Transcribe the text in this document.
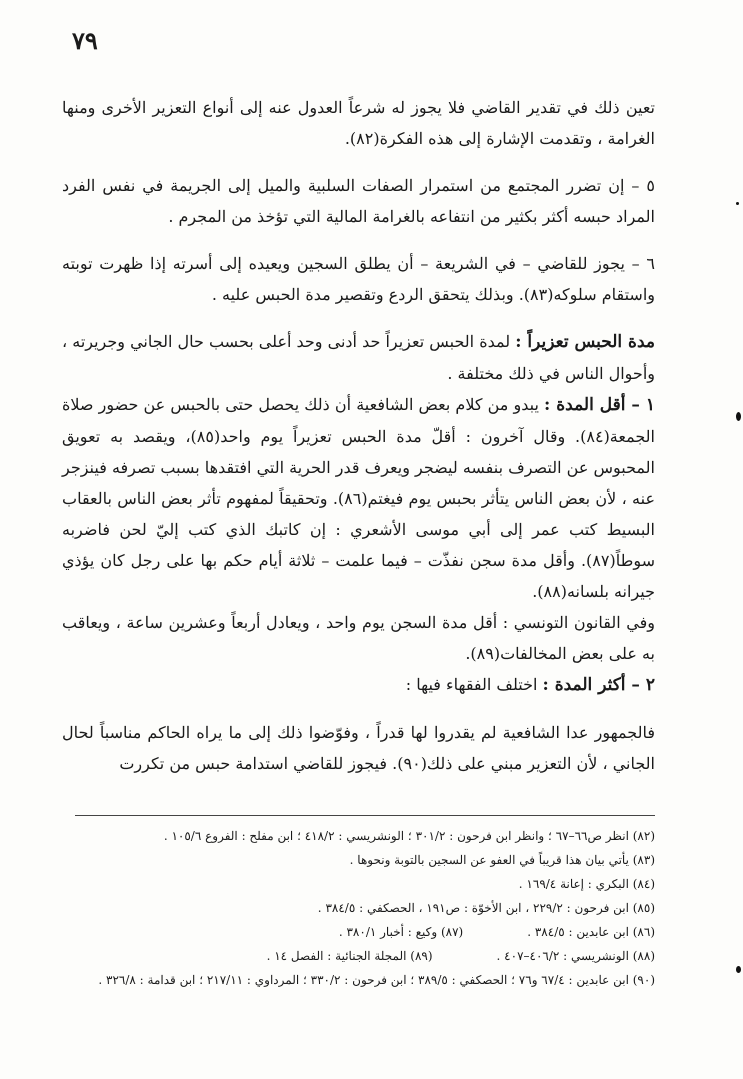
٧٩

تعين ذلك في تقدير القاضي فلا يجوز له شرعاً العدول عنه إلى أنواع التعزير الأخرى ومنها الغرامة ، وتقدمت الإشارة إلى هذه الفكرة(٨٢).

٥ – إن تضرر المجتمع من استمرار الصفات السلبية والميل إلى الجريمة في نفس الفرد المراد حبسه أكثر بكثير من انتفاعه بالغرامة المالية التي تؤخذ من المجرم .

٦ – يجوز للقاضي – في الشريعة – أن يطلق السجين ويعيده إلى أسرته إذا ظهرت توبته واستقام سلوكه(٨٣). وبذلك يتحقق الردع وتقصير مدة الحبس عليه .

مدة الحبس تعزيراً : لمدة الحبس تعزيراً حد أدنى وحد أعلى بحسب حال الجاني وجريرته ، وأحوال الناس في ذلك مختلفة .

١ – أقل المدة : يبدو من كلام بعض الشافعية أن ذلك يحصل حتى بالحبس عن حضور صلاة الجمعة(٨٤). وقال آخرون : أقلّ مدة الحبس تعزيراً يوم واحد(٨٥)، ويقصد به تعويق المحبوس عن التصرف بنفسه ليضجر ويعرف قدر الحرية التي افتقدها بسبب تصرفه فينزجر عنه ، لأن بعض الناس يتأثر بحبس يوم فيغتم(٨٦). وتحقيقاً لمفهوم تأثر بعض الناس بالعقاب البسيط كتب عمر إلى أبي موسى الأشعري : إن كاتبك الذي كتب إليّ لحن فاضربه سوطاً(٨٧). وأقل مدة سجن نفذّت – فيما علمت – ثلاثة أيام حكم بها على رجل كان يؤذي جيرانه بلسانه(٨٨).

وفي القانون التونسي : أقل مدة السجن يوم واحد ، ويعادل أربعاً وعشرين ساعة ، ويعاقب به على بعض المخالفات(٨٩).

٢ – أكثر المدة : اختلف الفقهاء فيها :

فالجمهور عدا الشافعية لم يقدروا لها قدراً ، وفوّضوا ذلك إلى ما يراه الحاكم مناسباً لحال الجاني ، لأن التعزير مبني على ذلك(٩٠). فيجوز للقاضي استدامة حبس من تكررت

(٨٢) انظر ص٦٦–٦٧ ؛ وانظر ابن فرحون : ٣٠١/٢ ؛ الونشريسي : ٤١٨/٢ ؛ ابن مفلح : الفروع ١٠٥/٦ .
(٨٣) يأتي بيان هذا قريباً في العفو عن السجين بالتوبة ونحوها .
(٨٤) البكري : إعانة ١٦٩/٤ .
(٨٥) ابن فرحون : ٢٢٩/٢ ، ابن الأخوّة : ص١٩١ ، الحصكفي : ٣٨٤/٥ .
(٨٦) ابن عابدين : ٣٨٤/٥ .
(٨٧) وكيع : أخبار ٣٨٠/١ .
(٨٨) الونشريسي : ٤٠٦/٢–٤٠٧ .
(٨٩) المجلة الجنائية : الفصل ١٤ .
(٩٠) ابن عابدين : ٦٧/٤ و٧٦ ؛ الحصكفي : ٣٨٩/٥ ؛ ابن فرحون : ٣٣٠/٢ ؛ المرداوي : ٢١٧/١١ ؛ ابن قدامة : ٣٢٦/٨ .
